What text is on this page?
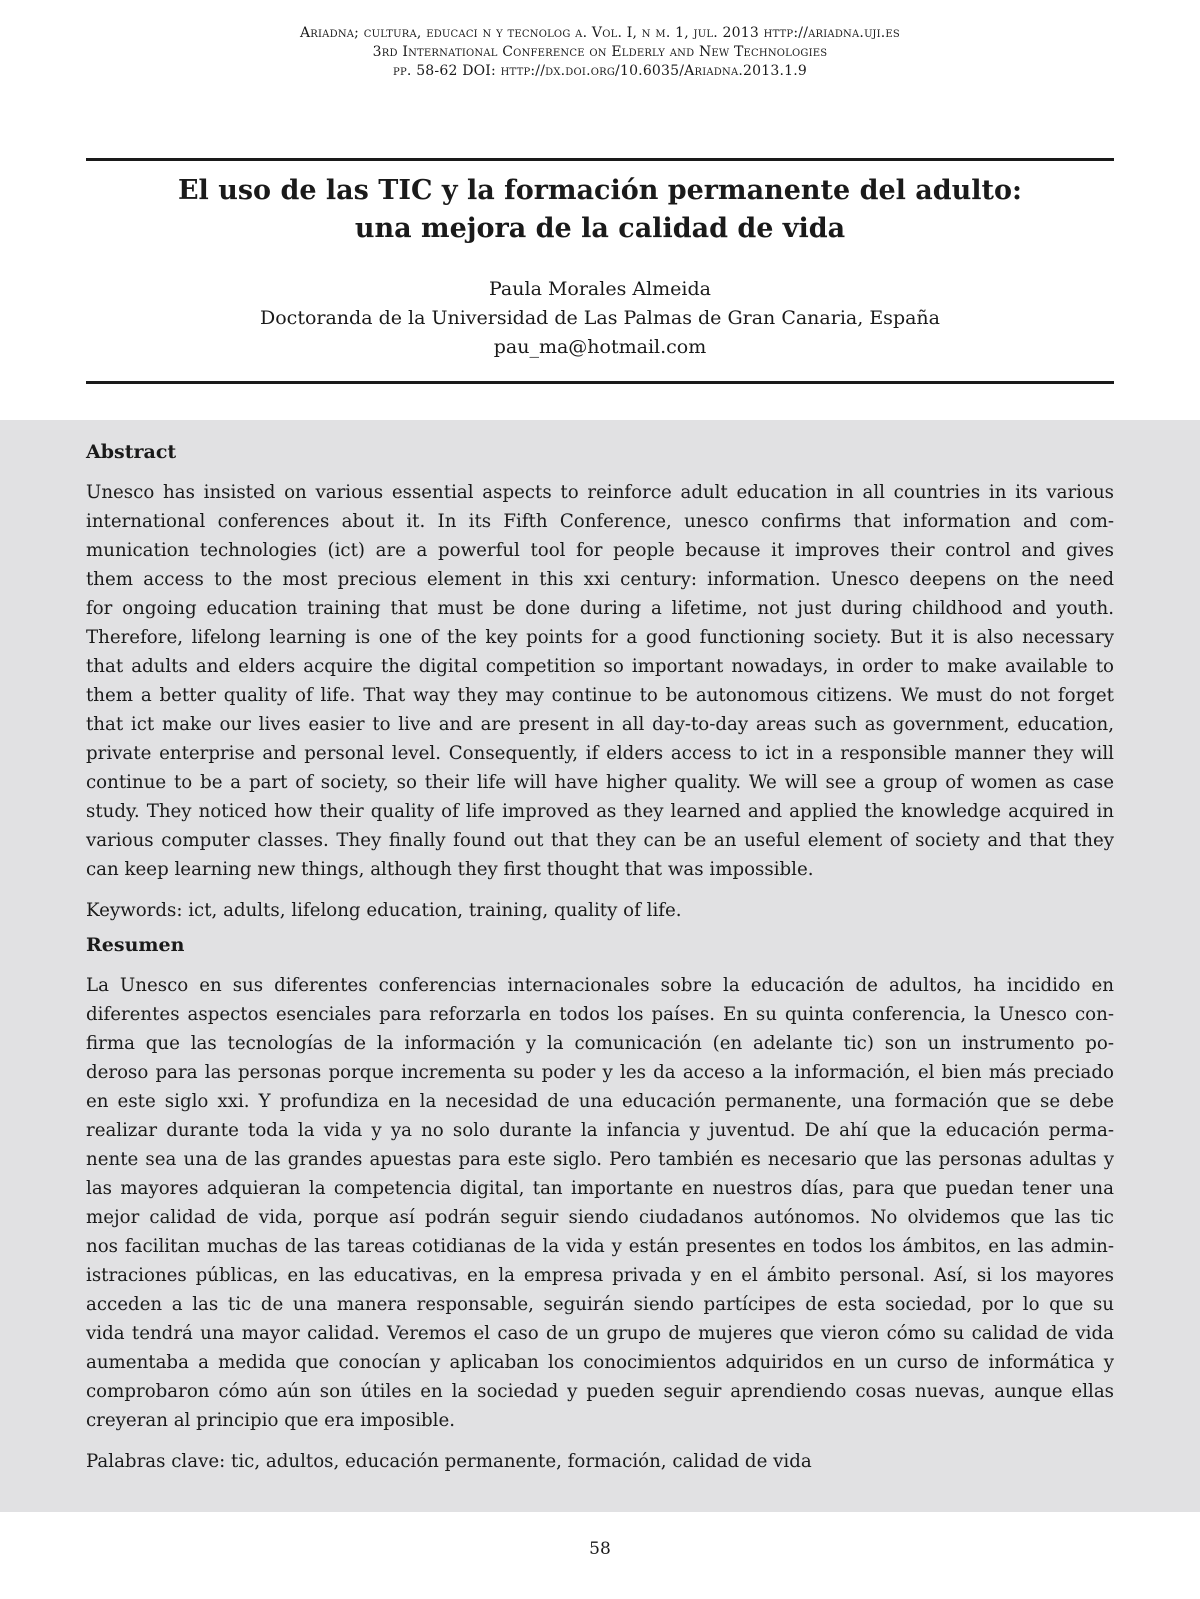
Ariadna; cultura, educaci n y tecnolog a. Vol. I, n m. 1, jul. 2013 http://ariadna.uji.es
3rd International Conference on Elderly and New Technologies
pp. 58-62 DOI: http://dx.doi.org/10.6035/Ariadna.2013.1.9
El uso de las TIC y la formación permanente del adulto:
una mejora de la calidad de vida
Paula Morales Almeida
Doctoranda de la Universidad de Las Palmas de Gran Canaria, España
pau_ma@hotmail.com
Abstract

Unesco has insisted on various essential aspects to reinforce adult education in all countries in its various
international conferences about it. In its Fifth Conference, unesco confirms that information and com-
munication technologies (ict) are a powerful tool for people because it improves their control and gives
them access to the most precious element in this xxi century: information. Unesco deepens on the need
for ongoing education training that must be done during a lifetime, not just during childhood and youth.
Therefore, lifelong learning is one of the key points for a good functioning society. But it is also necessary
that adults and elders acquire the digital competition so important nowadays, in order to make available to
them a better quality of life. That way they may continue to be autonomous citizens. We must do not forget
that ict make our lives easier to live and are present in all day-to-day areas such as government, education,
private enterprise and personal level. Consequently, if elders access to ict in a responsible manner they will
continue to be a part of society, so their life will have higher quality. We will see a group of women as case
study. They noticed how their quality of life improved as they learned and applied the knowledge acquired in
various computer classes. They finally found out that they can be an useful element of society and that they
can keep learning new things, although they first thought that was impossible.

Keywords: ict, adults, lifelong education, training, quality of life.

Resumen

La Unesco en sus diferentes conferencias internacionales sobre la educación de adultos, ha incidido en
diferentes aspectos esenciales para reforzarla en todos los países. En su quinta conferencia, la Unesco con-
firma que las tecnologías de la información y la comunicación (en adelante tic) son un instrumento po-
deroso para las personas porque incrementa su poder y les da acceso a la información, el bien más preciado
en este siglo xxi. Y profundiza en la necesidad de una educación permanente, una formación que se debe
realizar durante toda la vida y ya no solo durante la infancia y juventud. De ahí que la educación perma-
nente sea una de las grandes apuestas para este siglo. Pero también es necesario que las personas adultas y
las mayores adquieran la competencia digital, tan importante en nuestros días, para que puedan tener una
mejor calidad de vida, porque así podrán seguir siendo ciudadanos autónomos. No olvidemos que las tic
nos facilitan muchas de las tareas cotidianas de la vida y están presentes en todos los ámbitos, en las admin-
istraciones públicas, en las educativas, en la empresa privada y en el ámbito personal. Así, si los mayores
acceden a las tic de una manera responsable, seguirán siendo partícipes de esta sociedad, por lo que su
vida tendrá una mayor calidad. Veremos el caso de un grupo de mujeres que vieron cómo su calidad de vida
aumentaba a medida que conocían y aplicaban los conocimientos adquiridos en un curso de informática y
comprobaron cómo aún son útiles en la sociedad y pueden seguir aprendiendo cosas nuevas, aunque ellas
creyeran al principio que era imposible.

Palabras clave: tic, adultos, educación permanente, formación, calidad de vida

58
